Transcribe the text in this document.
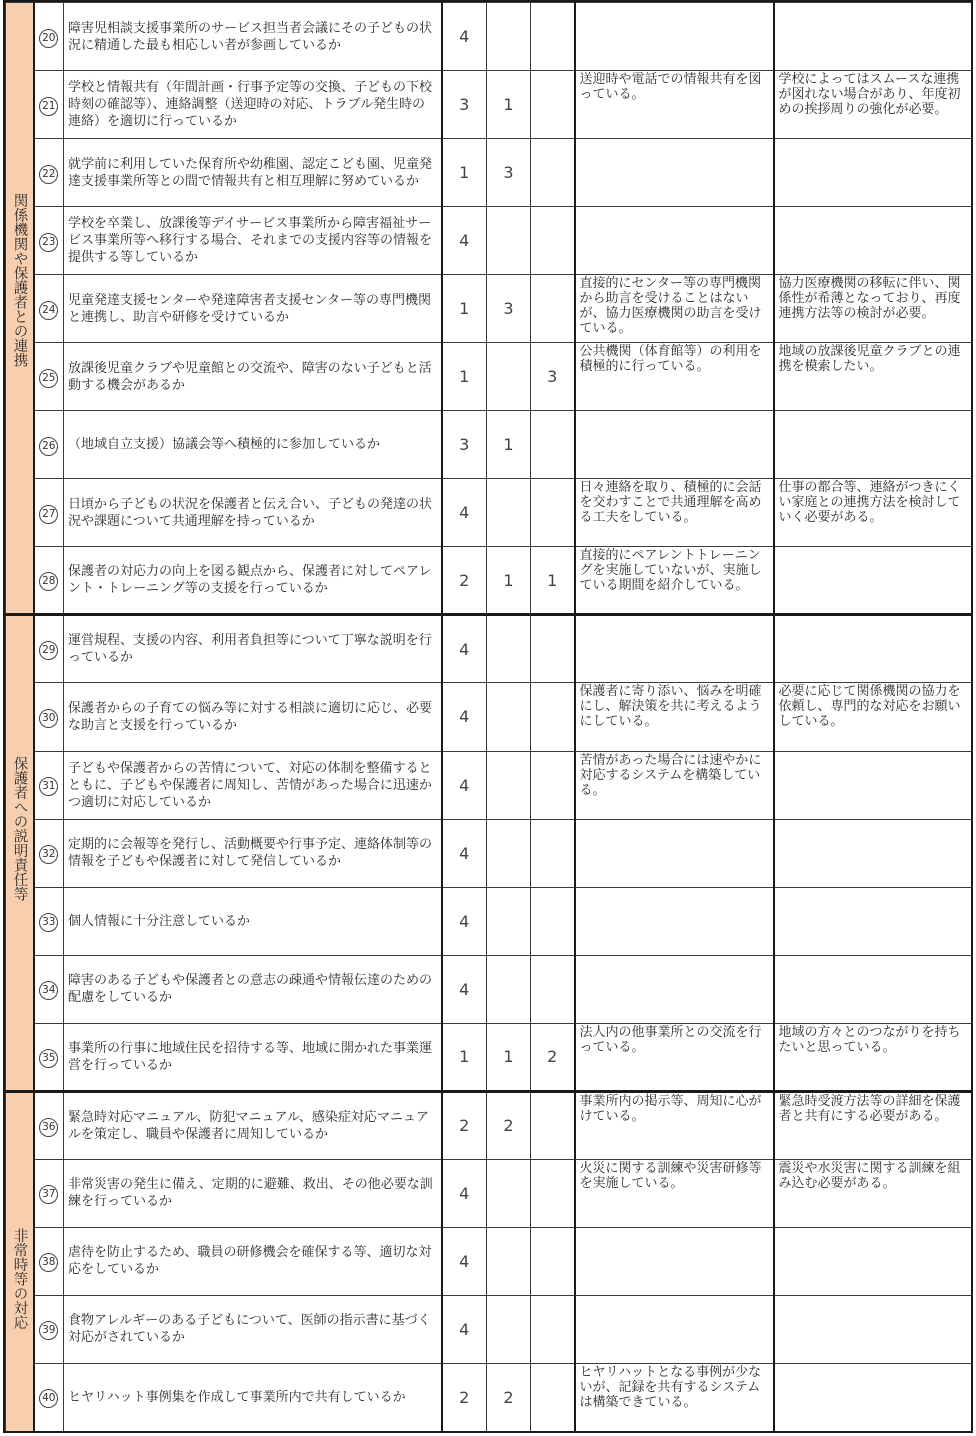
関係機関や保護者との連携	20	障害児相談支援事業所のサービス担当者会議にその子どもの状況に精通した最も相応しい者が参画しているか	4				
	21	学校と情報共有（年間計画・行事予定等の交換、子どもの下校時刻の確認等）、連絡調整（送迎時の対応、トラブル発生時の連絡）を適切に行っているか	3	1		送迎時や電話での情報共有を図っている。	学校によってはスムースな連携が図れない場合があり、年度初めの挨拶周りの強化が必要。
	22	就学前に利用していた保育所や幼稚園、認定こども園、児童発達支援事業所等との間で情報共有と相互理解に努めているか	1	3			
	23	学校を卒業し、放課後等デイサービス事業所から障害福祉サービス事業所等へ移行する場合、それまでの支援内容等の情報を提供する等しているか	4				
	24	児童発達支援センターや発達障害者支援センター等の専門機関と連携し、助言や研修を受けているか	1	3		直接的にセンター等の専門機関から助言を受けることはないが、協力医療機関の助言を受けている。	協力医療機関の移転に伴い、関係性が希薄となっており、再度連携方法等の検討が必要。
	25	放課後児童クラブや児童館との交流や、障害のない子どもと活動する機会があるか	1		3	公共機関（体育館等）の利用を積極的に行っている。	地域の放課後児童クラブとの連携を模索したい。
	26	（地域自立支援）協議会等へ積極的に参加しているか	3	1			
	27	日頃から子どもの状況を保護者と伝え合い、子どもの発達の状況や課題について共通理解を持っているか	4			日々連絡を取り、積極的に会話を交わすことで共通理解を高める工夫をしている。	仕事の都合等、連絡がつきにくい家庭との連携方法を検討していく必要がある。
	28	保護者の対応力の向上を図る観点から、保護者に対してペアレント・トレーニング等の支援を行っているか	2	1	1	直接的にペアレントトレーニングを実施していないが、実施している期間を紹介している。	
保護者への説明責任等	29	運営規程、支援の内容、利用者負担等について丁寧な説明を行っているか	4				
	30	保護者からの子育ての悩み等に対する相談に適切に応じ、必要な助言と支援を行っているか	4			保護者に寄り添い、悩みを明確にし、解決策を共に考えるようにしている。	必要に応じて関係機関の協力を依頼し、専門的な対応をお願いしている。
	31	子どもや保護者からの苦情について、対応の体制を整備するとともに、子どもや保護者に周知し、苦情があった場合に迅速かつ適切に対応しているか	4			苦情があった場合には速やかに対応するシステムを構築している。	
	32	定期的に会報等を発行し、活動概要や行事予定、連絡体制等の情報を子どもや保護者に対して発信しているか	4				
	33	個人情報に十分注意しているか	4				
	34	障害のある子どもや保護者との意志の疎通や情報伝達のための配慮をしているか	4				
	35	事業所の行事に地域住民を招待する等、地域に開かれた事業運営を行っているか	1	1	2	法人内の他事業所との交流を行っている。	地域の方々とのつながりを持ちたいと思っている。
非常時等の対応	36	緊急時対応マニュアル、防犯マニュアル、感染症対応マニュアルを策定し、職員や保護者に周知しているか	2	2		事業所内の掲示等、周知に心がけている。	緊急時受渡方法等の詳細を保護者と共有にする必要がある。
	37	非常災害の発生に備え、定期的に避難、救出、その他必要な訓練を行っているか	4			火災に関する訓練や災害研修等を実施している。	震災や水災害に関する訓練を組み込む必要がある。
	38	虐待を防止するため、職員の研修機会を確保する等、適切な対応をしているか	4				
	39	食物アレルギーのある子どもについて、医師の指示書に基づく対応がされているか	4				
	40	ヒヤリハット事例集を作成して事業所内で共有しているか	2	2		ヒヤリハットとなる事例が少ないが、記録を共有するシステムは構築できている。	
